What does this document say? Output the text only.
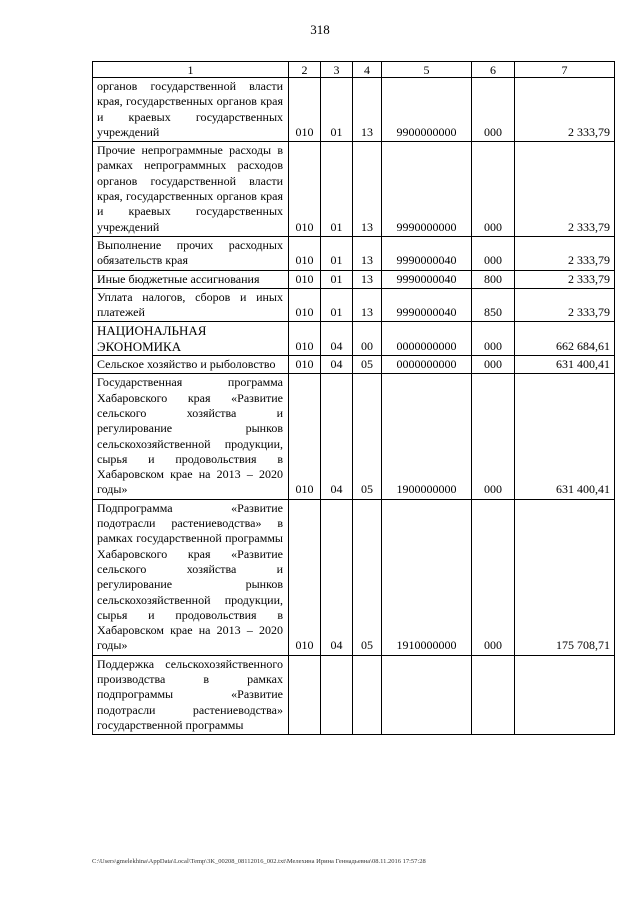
318
1	2	3	4	5	6	7
органов государственной власти края, государственных органов края и краевых государственных учреждений	010	01	13	9900000000	000	2 333,79
Прочие непрограммные расходы в рамках непрограммных расходов органов государственной власти края, государственных органов края и краевых государственных учреждений	010	01	13	9990000000	000	2 333,79
Выполнение прочих расходных обязательств края	010	01	13	9990000040	000	2 333,79
Иные бюджетные ассигнования	010	01	13	9990000040	800	2 333,79
Уплата налогов, сборов и иных платежей	010	01	13	9990000040	850	2 333,79
НАЦИОНАЛЬНАЯ ЭКОНОМИКА	010	04	00	0000000000	000	662 684,61
Сельское хозяйство и рыболовство	010	04	05	0000000000	000	631 400,41
Государственная программа Хабаровского края «Развитие сельского хозяйства и регулирование рынков сельскохозяйственной продукции, сырья и продовольствия в Хабаровском крае на 2013 – 2020 годы»	010	04	05	1900000000	000	631 400,41
Подпрограмма «Развитие подотрасли растениеводства» в рамках государственной программы Хабаровского края «Развитие сельского хозяйства и регулирование рынков сельскохозяйственной продукции, сырья и продовольствия в Хабаровском крае на 2013 – 2020 годы»	010	04	05	1910000000	000	175 708,71
Поддержка сельскохозяйственного производства в рамках подпрограммы «Развитие подотрасли растениеводства» государственной программы						
C:\Users\gmelekhina\AppData\Local\Temp\3K_00208_08112016_002.txt\Мелехина Ирина Геннадьевна\08.11.2016 17:57:28
